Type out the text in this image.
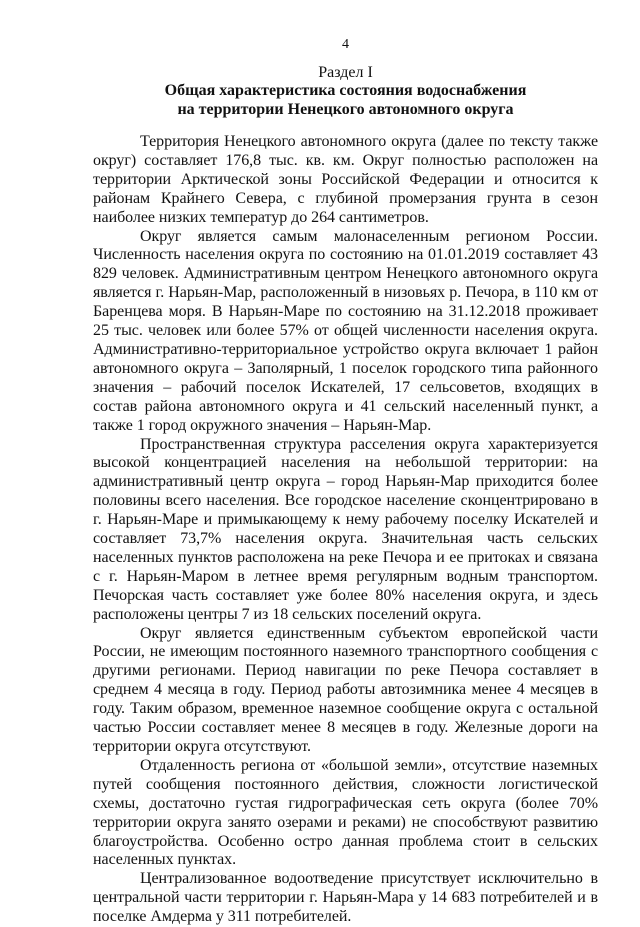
4
Раздел I
Общая характеристика состояния водоснабжения
на территории Ненецкого автономного округа

Территория Ненецкого автономного округа (далее по тексту также округ) составляет 176,8 тыс. кв. км. Округ полностью расположен на территории Арктической зоны Российской Федерации и относится к районам Крайнего Севера, с глубиной промерзания грунта в сезон наиболее низких температур до 264 сантиметров.

Округ является самым малонаселенным регионом России. Численность населения округа по состоянию на 01.01.2019 составляет 43 829 человек. Административным центром Ненецкого автономного округа является г. Нарьян-Мар, расположенный в низовьях р. Печора, в 110 км от Баренцева моря. В Нарьян-Маре по состоянию на 31.12.2018 проживает 25 тыс. человек или более 57% от общей численности населения округа. Административно-территориальное устройство округа включает 1 район автономного округа – Заполярный, 1 поселок городского типа районного значения – рабочий поселок Искателей, 17 сельсоветов, входящих в состав района автономного округа и 41 сельский населенный пункт, а также 1 город окружного значения – Нарьян-Мар.

Пространственная структура расселения округа характеризуется высокой концентрацией населения на небольшой территории: на административный центр округа – город Нарьян-Мар приходится более половины всего населения. Все городское население сконцентрировано в г. Нарьян-Маре и примыкающему к нему рабочему поселку Искателей и составляет 73,7% населения округа. Значительная часть сельских населенных пунктов расположена на реке Печора и ее притоках и связана с г. Нарьян-Маром в летнее время регулярным водным транспортом. Печорская часть составляет уже более 80% населения округа, и здесь расположены центры 7 из 18 сельских поселений округа.

Округ является единственным субъектом европейской части России, не имеющим постоянного наземного транспортного сообщения с другими регионами. Период навигации по реке Печора составляет в среднем 4 месяца в году. Период работы автозимника менее 4 месяцев в году. Таким образом, временное наземное сообщение округа с остальной частью России составляет менее 8 месяцев в году. Железные дороги на территории округа отсутствуют.

Отдаленность региона от «большой земли», отсутствие наземных путей сообщения постоянного действия, сложности логистической схемы, достаточно густая гидрографическая сеть округа (более 70% территории округа занято озерами и реками) не способствуют развитию благоустройства. Особенно остро данная проблема стоит в сельских населенных пунктах.

Централизованное водоотведение присутствует исключительно в центральной части территории г. Нарьян-Мара у 14 683 потребителей и в поселке Амдерма у 311 потребителей.
